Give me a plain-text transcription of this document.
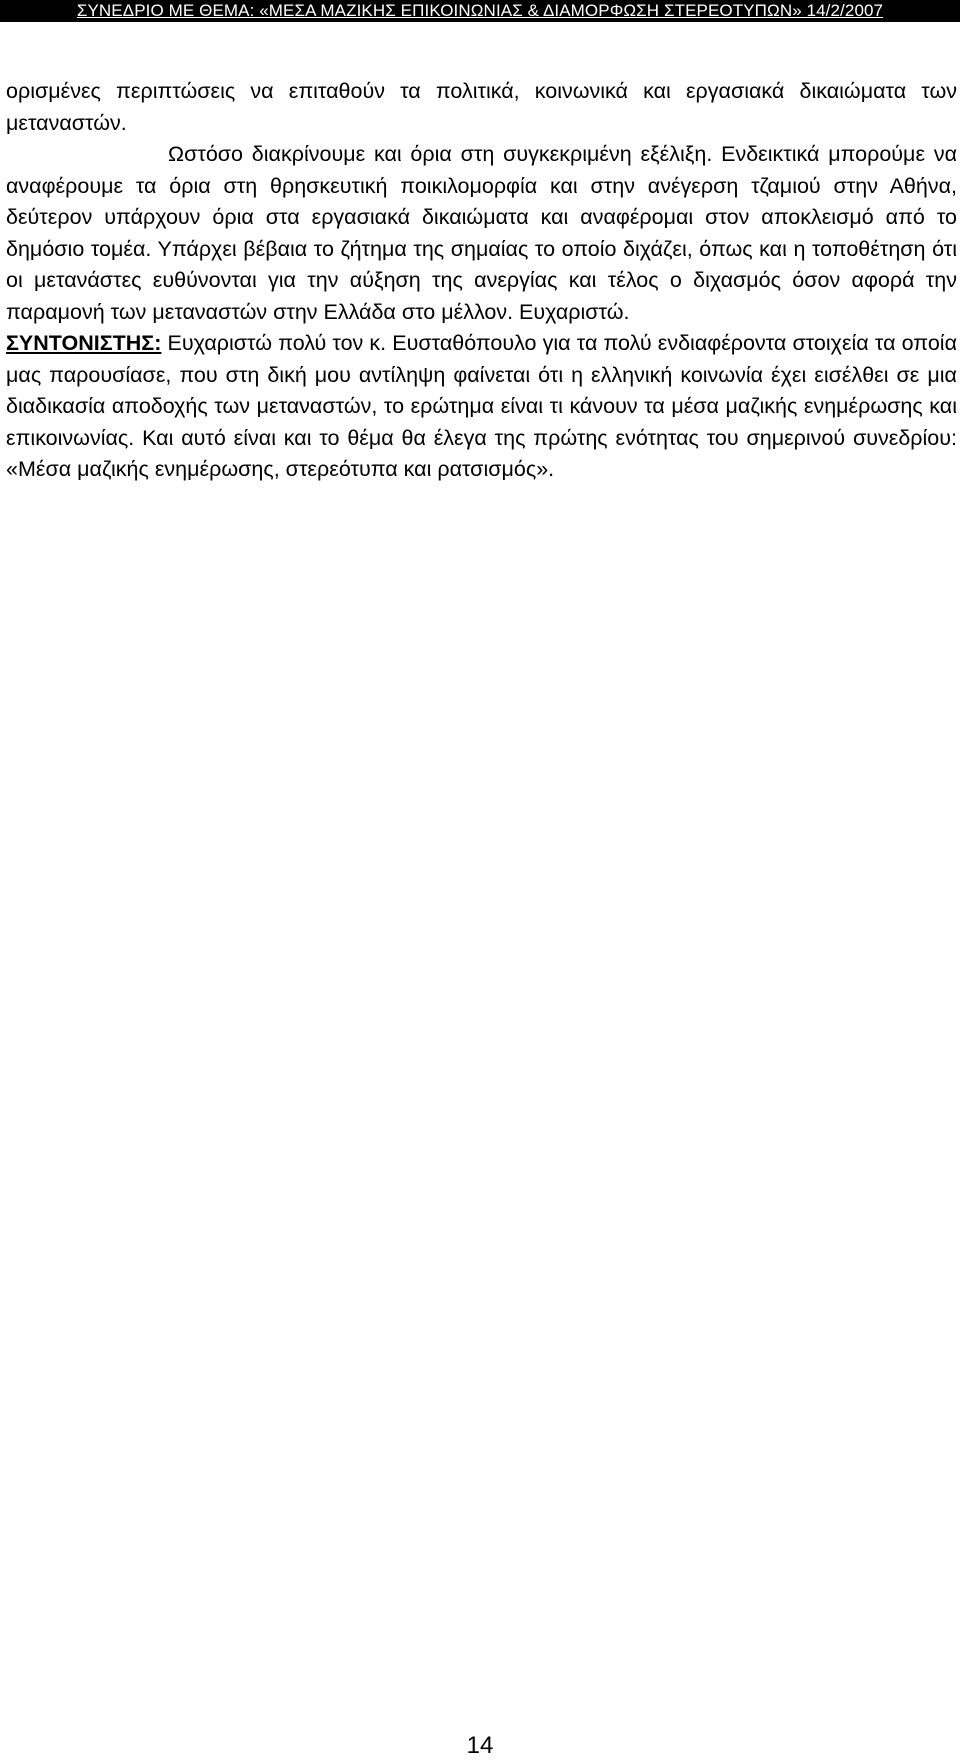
ΣΥΝΕΔΡΙΟ ΜΕ ΘΕΜΑ: «ΜΕΣΑ ΜΑΖΙΚΗΣ ΕΠΙΚΟΙΝΩΝΙΑΣ & ΔΙΑΜΟΡΦΩΣΗ ΣΤΕΡΕΟΤΥΠΩΝ» 14/2/2007

ορισμένες περιπτώσεις να επιταθούν τα πολιτικά, κοινωνικά και εργασιακά δικαιώματα των μεταναστών.

Ωστόσο διακρίνουμε και όρια στη συγκεκριμένη εξέλιξη. Ενδεικτικά μπορούμε να αναφέρουμε τα όρια στη θρησκευτική ποικιλομορφία και στην ανέγερση τζαμιού στην Αθήνα, δεύτερον υπάρχουν όρια στα εργασιακά δικαιώματα και αναφέρομαι στον αποκλεισμό από το δημόσιο τομέα. Υπάρχει βέβαια το ζήτημα της σημαίας το οποίο διχάζει, όπως και η τοποθέτηση ότι οι μετανάστες ευθύνονται για την αύξηση της ανεργίας και τέλος ο διχασμός όσον αφορά την παραμονή των μεταναστών στην Ελλάδα στο μέλλον. Ευχαριστώ.

ΣΥΝΤΟΝΙΣΤΗΣ: Ευχαριστώ πολύ τον κ. Ευσταθόπουλο για τα πολύ ενδιαφέροντα στοιχεία τα οποία μας παρουσίασε, που στη δική μου αντίληψη φαίνεται ότι η ελληνική κοινωνία έχει εισέλθει σε μια διαδικασία αποδοχής των μεταναστών, το ερώτημα είναι τι κάνουν τα μέσα μαζικής ενημέρωσης και επικοινωνίας. Και αυτό είναι και το θέμα θα έλεγα της πρώτης ενότητας του σημερινού συνεδρίου: «Μέσα μαζικής ενημέρωσης, στερεότυπα και ρατσισμός».

14
